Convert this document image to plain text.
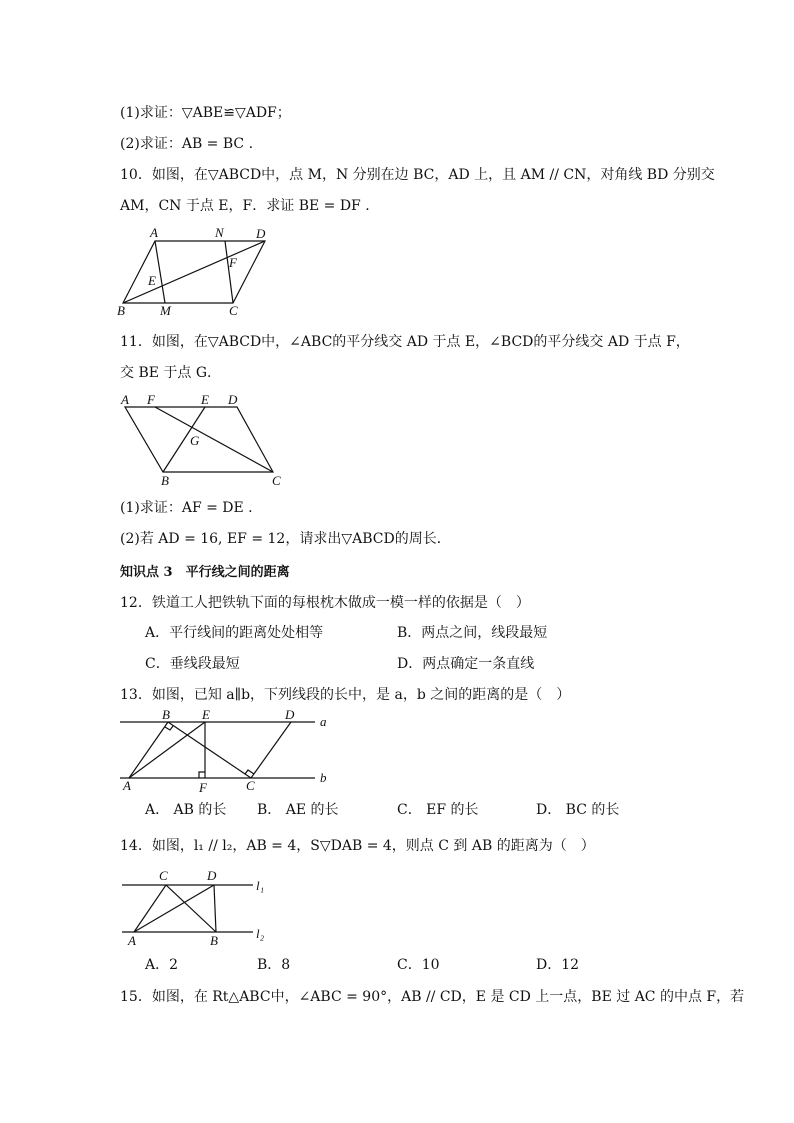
(1)求证：▽ABE≌▽ADF；
(2)求证：AB = BC .
10．如图，在▽ABCD中，点 M，N 分别在边 BC，AD 上，且 AM // CN，对角线 BD 分别交
AM，CN 于点 E，F．求证 BE = DF .
A	N D
E
F
B	M	C
11．如图，在▽ABCD中，∠ABC的平分线交 AD 于点 E，∠BCD的平分线交 AD 于点 F，
交 BE 于点 G．
A F	E D
G
B	C
(1)求证：AF = DE .
(2)若 AD = 16, EF = 12，请求出▽ABCD的周长．
知识点 3　平行线之间的距离
12．铁道工人把铁轨下面的每根枕木做成一模一样的依据是（　）
A．平行线间的距离处处相等	B．两点之间，线段最短
C．垂线段最短	D．两点确定一条直线
13．如图，已知 a∥b，下列线段的长中，是 a，b 之间的距离的是（　）
B E	D a
A	F	C
b
A． AB 的长 B． AE 的长	C． EF 的长	D． BC 的长
14．如图，l₁ // l₂，AB = 4，S▽DAB = 4，则点 C 到 AB 的距离为（　）
C	D
l₁
A	B	l₂
A．2	B．8	C．10	D．12
15．如图，在 Rt△ABC中，∠ABC = 90°，AB // CD，E 是 CD 上一点，BE 过 AC 的中点 F，若
